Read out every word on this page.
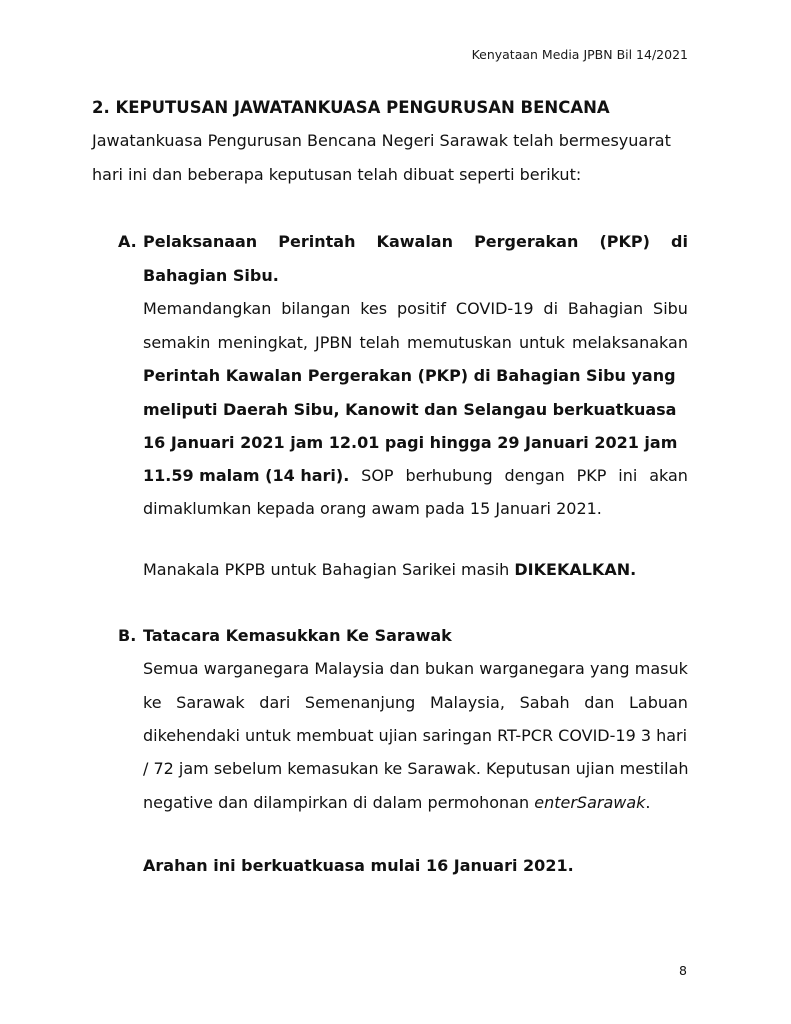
Kenyataan Media JPBN Bil 14/2021
2. KEPUTUSAN JAWATANKUASA PENGURUSAN BENCANA
Jawatankuasa Pengurusan Bencana Negeri Sarawak telah bermesyuarat
hari ini dan beberapa keputusan telah dibuat seperti berikut:
A. Pelaksanaan Perintah Kawalan Pergerakan (PKP) di
Bahagian Sibu.
Memandangkan bilangan kes positif COVID-19 di Bahagian Sibu
semakin meningkat, JPBN telah memutuskan untuk melaksanakan
Perintah Kawalan Pergerakan (PKP) di Bahagian Sibu yang
meliputi Daerah Sibu, Kanowit dan Selangau berkuatkuasa
16 Januari 2021 jam 12.01 pagi hingga 29 Januari 2021 jam
11.59 malam (14 hari). SOP berhubung dengan PKP ini akan
dimaklumkan kepada orang awam pada 15 Januari 2021.
Manakala PKPB untuk Bahagian Sarikei masih DIKEKALKAN.
B. Tatacara Kemasukkan Ke Sarawak
Semua warganegara Malaysia dan bukan warganegara yang masuk
ke Sarawak dari Semenanjung Malaysia, Sabah dan Labuan
dikehendaki untuk membuat ujian saringan RT-PCR COVID-19 3 hari
/ 72 jam sebelum kemasukan ke Sarawak. Keputusan ujian mestilah
negative dan dilampirkan di dalam permohonan enterSarawak.
Arahan ini berkuatkuasa mulai 16 Januari 2021.
8
